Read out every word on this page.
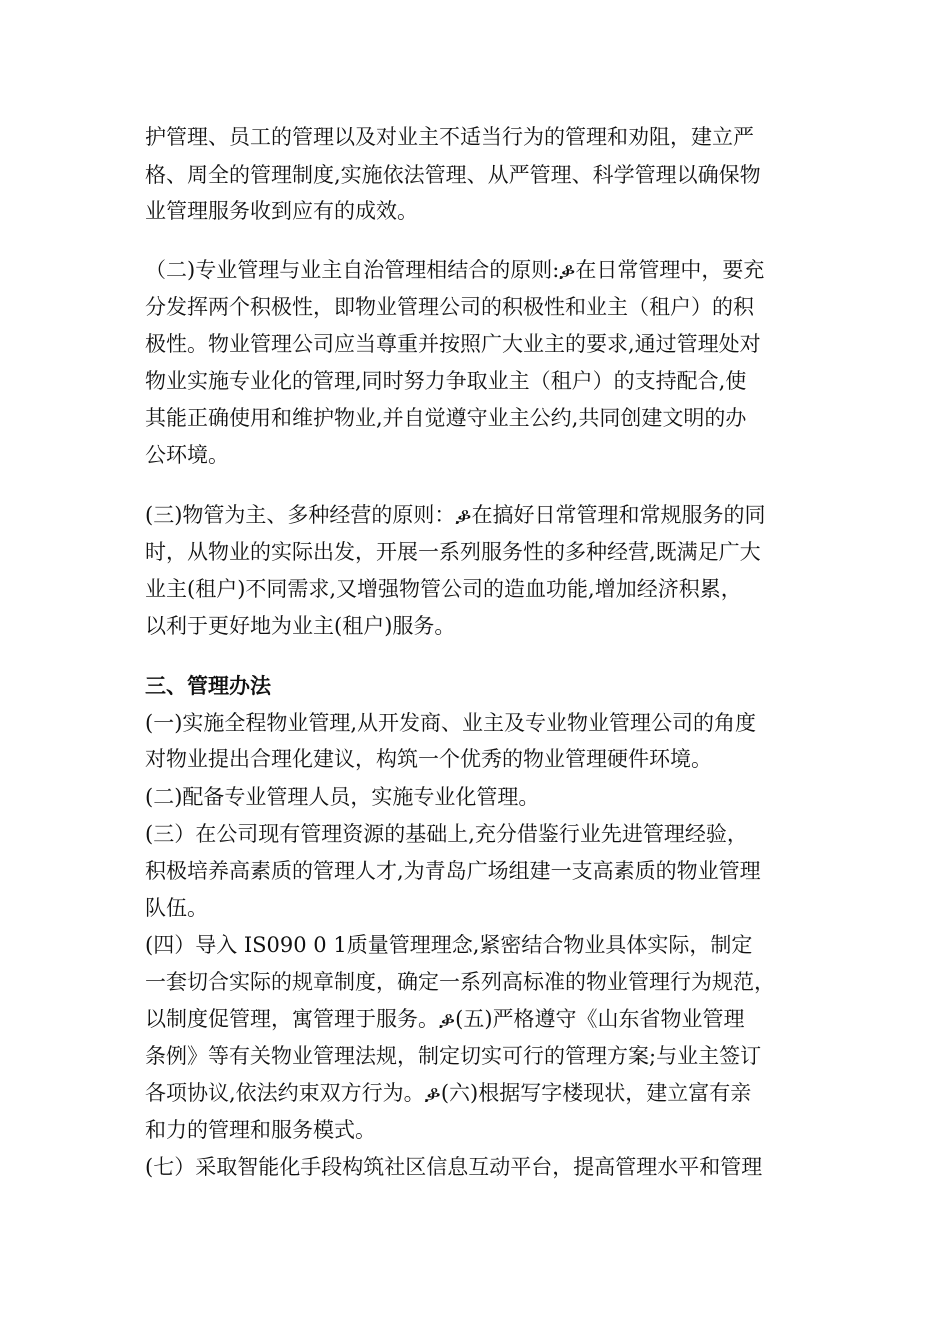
护管理、员工的管理以及对业主不适当行为的管理和劝阻，建立严
格、周全的管理制度,实施依法管理、从严管理、科学管理以确保物
业管理服务收到应有的成效。
（二)专业管理与业主自治管理相结合的原则:ቇ在日常管理中，要充
分发挥两个积极性，即物业管理公司的积极性和业主（租户）的积
极性。物业管理公司应当尊重并按照广大业主的要求,通过管理处对
物业实施专业化的管理,同时努力争取业主（租户）的支持配合,使
其能正确使用和维护物业,并自觉遵守业主公约,共同创建文明的办
公环境。
(三)物管为主、多种经营的原则：ቇ在搞好日常管理和常规服务的同
时，从物业的实际出发，开展一系列服务性的多种经营,既满足广大
业主(租户)不同需求,又增强物管公司的造血功能,增加经济积累，
以利于更好地为业主(租户)服务。
三、管理办法
(一)实施全程物业管理,从开发商、业主及专业物业管理公司的角度
对物业提出合理化建议，构筑一个优秀的物业管理硬件环境。
(二)配备专业管理人员，实施专业化管理。
(三）在公司现有管理资源的基础上,充分借鉴行业先进管理经验，
积极培养高素质的管理人才,为青岛广场组建一支高素质的物业管理
队伍。
(四）导入 IS090 0 1质量管理理念,紧密结合物业具体实际，制定
一套切合实际的规章制度，确定一系列高标准的物业管理行为规范，
以制度促管理，寓管理于服务。ቇ(五)严格遵守《山东省物业管理
条例》等有关物业管理法规，制定切实可行的管理方案;与业主签订
各项协议,依法约束双方行为。ቇ(六)根据写字楼现状，建立富有亲
和力的管理和服务模式。
(七）采取智能化手段构筑社区信息互动平台，提高管理水平和管理
